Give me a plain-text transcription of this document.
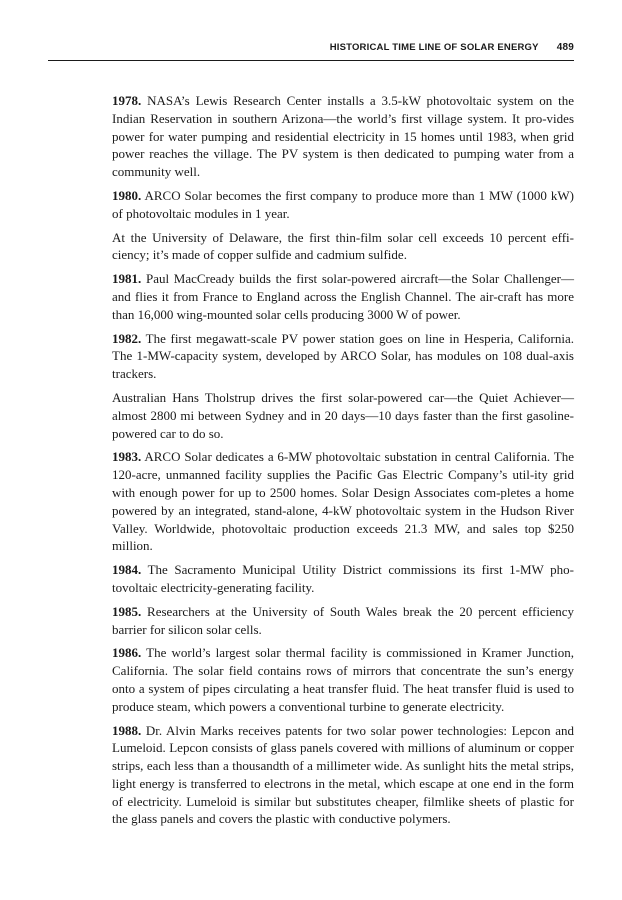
HISTORICAL TIME LINE OF SOLAR ENERGY 489

1978. NASA’s Lewis Research Center installs a 3.5-kW photovoltaic system on the Indian Reservation in southern Arizona—the world’s first village system. It pro-vides power for water pumping and residential electricity in 15 homes until 1983, when grid power reaches the village. The PV system is then dedicated to pumping water from a community well.

1980. ARCO Solar becomes the first company to produce more than 1 MW (1000 kW) of photovoltaic modules in 1 year.

At the University of Delaware, the first thin-film solar cell exceeds 10 percent effi-ciency; it’s made of copper sulfide and cadmium sulfide.

1981. Paul MacCready builds the first solar-powered aircraft—the Solar Challenger—and flies it from France to England across the English Channel. The air-craft has more than 16,000 wing-mounted solar cells producing 3000 W of power.

1982. The first megawatt-scale PV power station goes on line in Hesperia, California. The 1-MW-capacity system, developed by ARCO Solar, has modules on 108 dual-axis trackers.

Australian Hans Tholstrup drives the first solar-powered car—the Quiet Achiever—almost 2800 mi between Sydney and in 20 days—10 days faster than the first gasoline-powered car to do so.

1983. ARCO Solar dedicates a 6-MW photovoltaic substation in central California. The 120-acre, unmanned facility supplies the Pacific Gas Electric Company’s util-ity grid with enough power for up to 2500 homes. Solar Design Associates com-pletes a home powered by an integrated, stand-alone, 4-kW photovoltaic system in the Hudson River Valley. Worldwide, photovoltaic production exceeds 21.3 MW, and sales top $250 million.

1984. The Sacramento Municipal Utility District commissions its first 1-MW pho-tovoltaic electricity-generating facility.

1985. Researchers at the University of South Wales break the 20 percent efficiency barrier for silicon solar cells.

1986. The world’s largest solar thermal facility is commissioned in Kramer Junction, California. The solar field contains rows of mirrors that concentrate the sun’s energy onto a system of pipes circulating a heat transfer fluid. The heat transfer fluid is used to produce steam, which powers a conventional turbine to generate electricity.

1988. Dr. Alvin Marks receives patents for two solar power technologies: Lepcon and Lumeloid. Lepcon consists of glass panels covered with millions of aluminum or copper strips, each less than a thousandth of a millimeter wide. As sunlight hits the metal strips, light energy is transferred to electrons in the metal, which escape at one end in the form of electricity. Lumeloid is similar but substitutes cheaper, filmlike sheets of plastic for the glass panels and covers the plastic with conductive polymers.
